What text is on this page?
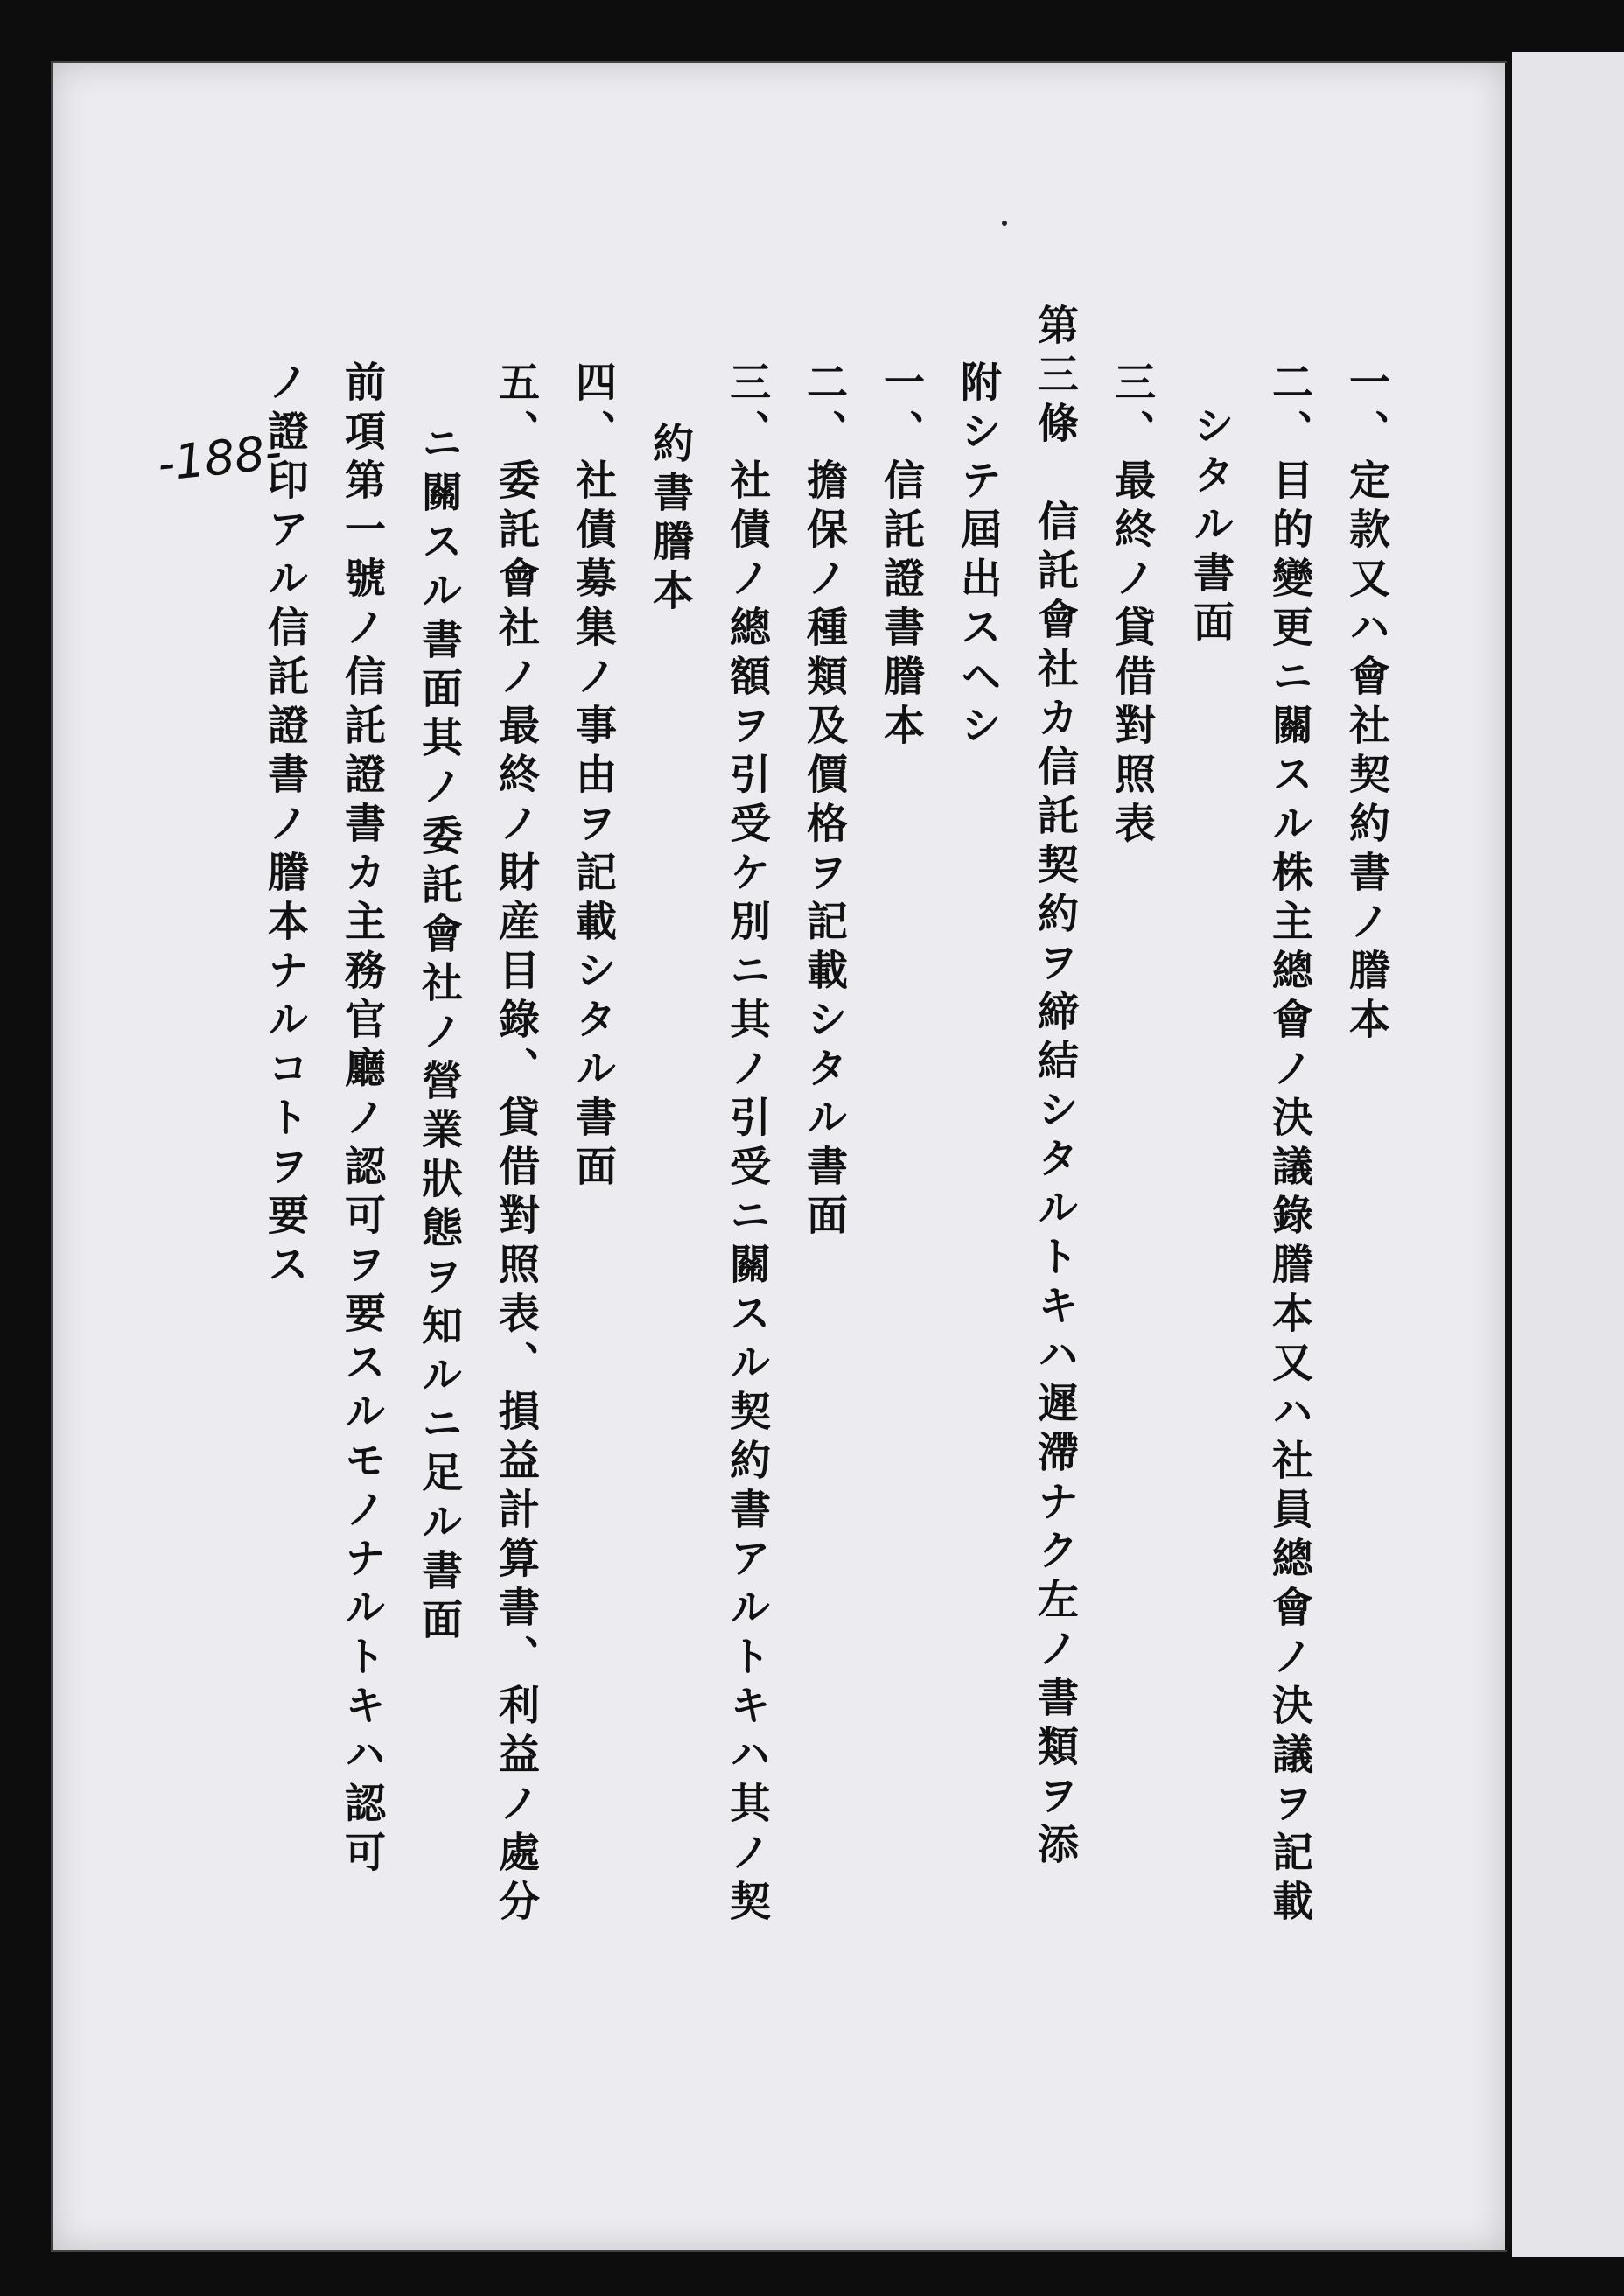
一、定款又ハ會社契約書ノ謄本
二、目的變更ニ關スル株主總會ノ決議錄謄本又ハ社員總會ノ決議ヲ記載
シタル書面
三、最終ノ貸借對照表
第三條　信託會社カ信託契約ヲ締結シタルトキハ遲滯ナク左ノ書類ヲ添
附シテ屆出スヘシ
一、信託證書謄本
二、擔保ノ種類及價格ヲ記載シタル書面
三、社債ノ總額ヲ引受ケ別ニ其ノ引受ニ關スル契約書アルトキハ其ノ契
約書謄本
四、社債募集ノ事由ヲ記載シタル書面
五、委託會社ノ最終ノ財産目錄、貸借對照表、損益計算書、利益ノ處分
ニ關スル書面其ノ委託會社ノ營業狀態ヲ知ルニ足ル書面
前項第一號ノ信託證書カ主務官廳ノ認可ヲ要スルモノナルトキハ認可
ノ證印アル信託證書ノ謄本ナルコトヲ要ス
-188-
